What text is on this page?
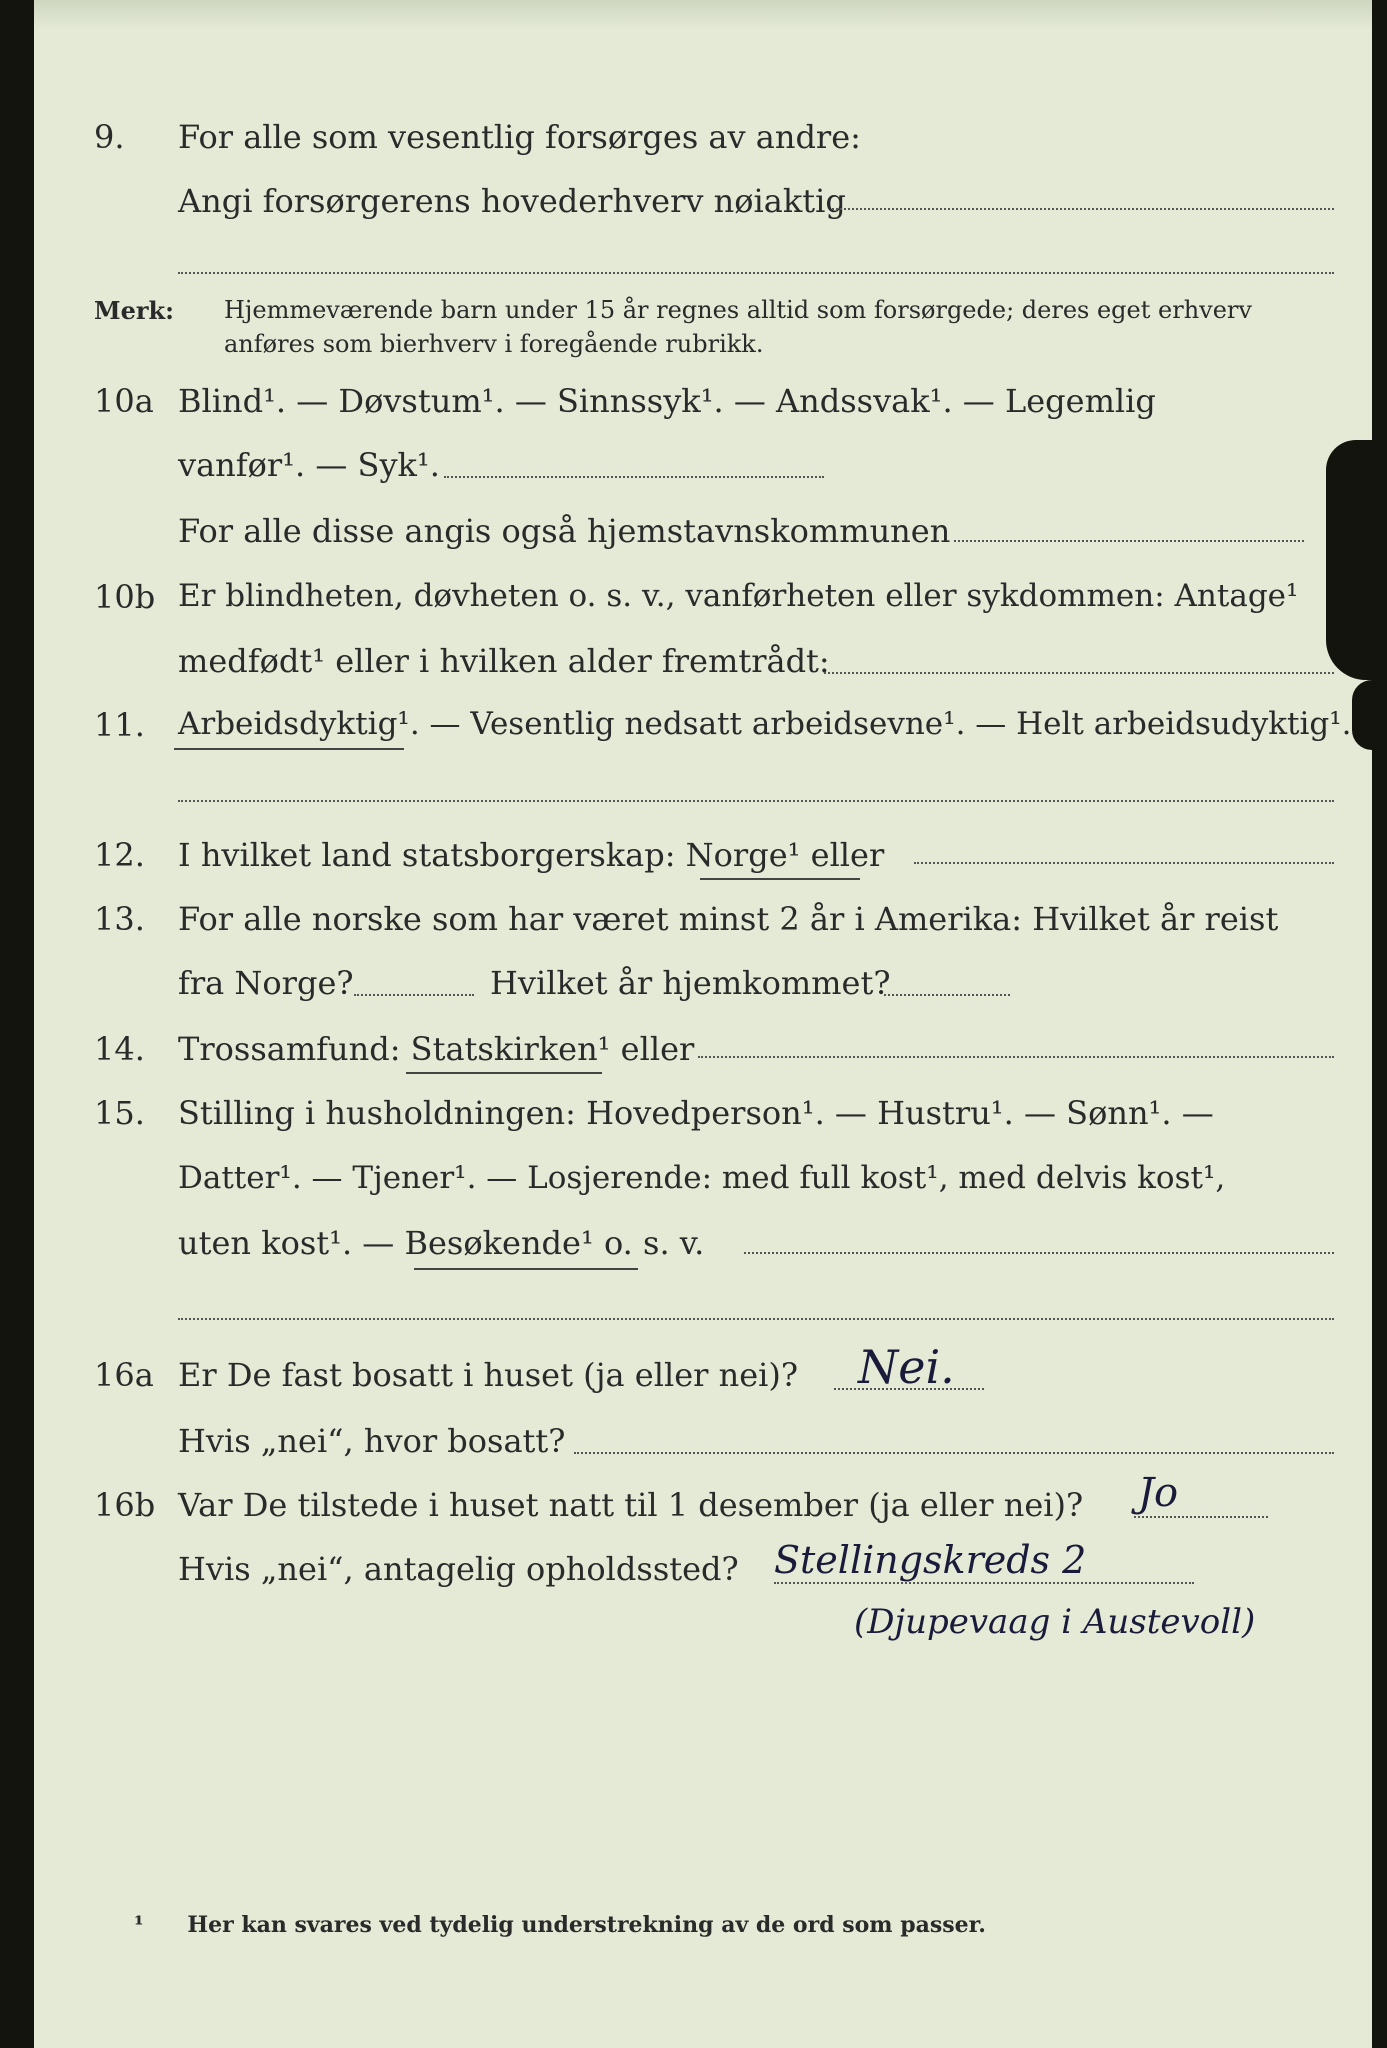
9. For alle som vesentlig forsørges av andre:
Angi forsørgerens hovederhverv nøiaktig
Merk: Hjemmeværende barn under 15 år regnes alltid som forsørgede; deres eget erhverv
anføres som bierhverv i foregående rubrikk.
10a Blind¹. — Døvstum¹. — Sinnssyk¹. — Andssvak¹. — Legemlig
vanfør¹. — Syk¹.
For alle disse angis også hjemstavnskommunen
10b Er blindheten, døvheten o. s. v., vanførheten eller sykdommen: Antage¹
medfødt¹ eller i hvilken alder fremtrådt:
11. Arbeidsdyktig¹. — Vesentlig nedsatt arbeidsevne¹. — Helt arbeidsudyktig¹.
12. I hvilket land statsborgerskap: Norge¹ eller
13. For alle norske som har været minst 2 år i Amerika: Hvilket år reist
fra Norge?	Hvilket år hjemkommet?
14. Trossamfund: Statskirken¹ eller
15. Stilling i husholdningen: Hovedperson¹. — Hustru¹. — Sønn¹. —
Datter¹. — Tjener¹. — Losjerende: med full kost¹, med delvis kost¹,
uten kost¹. — Besøkende¹ o. s. v.
16a Er De fast bosatt i huset (ja eller nei)? Nei.
Hvis „nei“, hvor bosatt?
16b Var De tilstede i huset natt til 1 desember (ja eller nei)? Jo
Hvis „nei“, antagelig opholdssted? Stellingskreds 2
(Djupevaag i Austevoll)
¹ Her kan svares ved tydelig understrekning av de ord som passer.
